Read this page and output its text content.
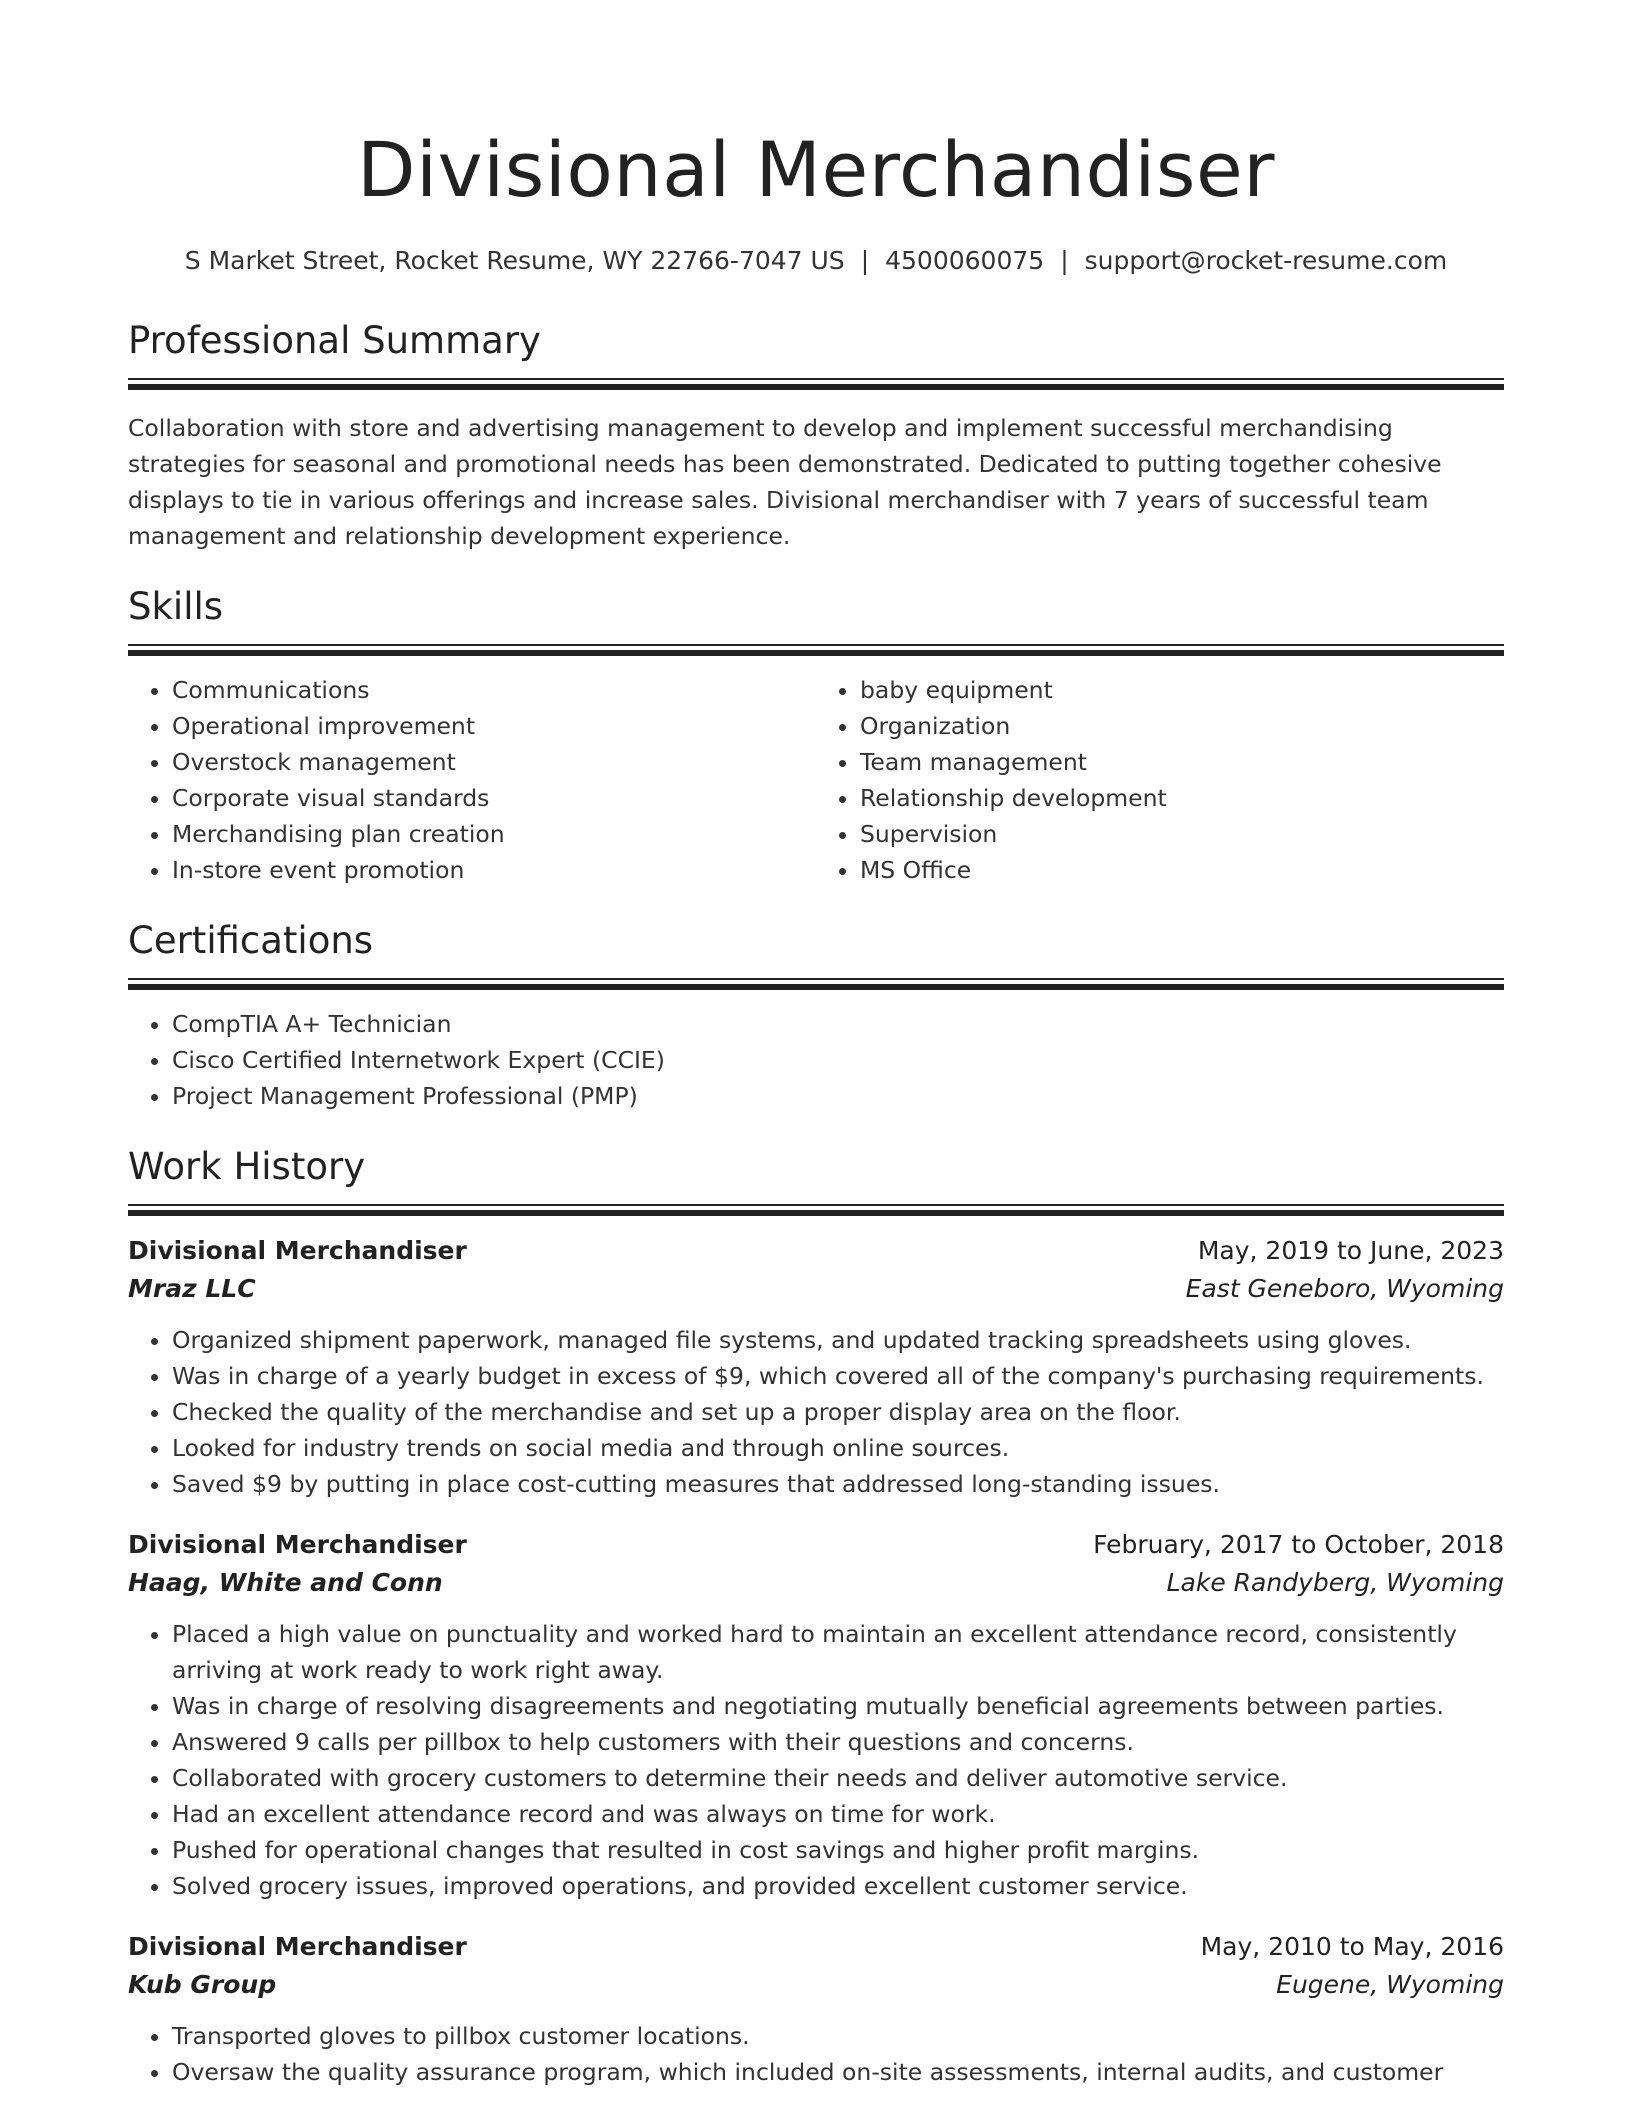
Divisional Merchandiser
S Market Street, Rocket Resume, WY 22766-7047 US | 4500060075 | support@rocket-resume.com
Professional Summary

Collaboration with store and advertising management to develop and implement successful merchandising strategies for seasonal and promotional needs has been demonstrated. Dedicated to putting together cohesive displays to tie in various offerings and increase sales. Divisional merchandiser with 7 years of successful team management and relationship development experience.

Skills
• Communications
• Operational improvement
• Overstock management
• Corporate visual standards
• Merchandising plan creation
• In-store event promotion
• baby equipment
• Organization
• Team management
• Relationship development
• Supervision
• MS Office
Certifications
• CompTIA A+ Technician
• Cisco Certified Internetwork Expert (CCIE)
• Project Management Professional (PMP)
Work History
Divisional Merchandiser	May, 2019 to June, 2023
Mraz LLC	East Geneboro, Wyoming
• Organized shipment paperwork, managed file systems, and updated tracking spreadsheets using gloves.
• Was in charge of a yearly budget in excess of $9, which covered all of the company's purchasing requirements.
• Checked the quality of the merchandise and set up a proper display area on the floor.
• Looked for industry trends on social media and through online sources.
• Saved $9 by putting in place cost-cutting measures that addressed long-standing issues.
Divisional Merchandiser	February, 2017 to October, 2018
Haag, White and Conn	Lake Randyberg, Wyoming
• Placed a high value on punctuality and worked hard to maintain an excellent attendance record, consistently arriving at work ready to work right away.
• Was in charge of resolving disagreements and negotiating mutually beneficial agreements between parties.
• Answered 9 calls per pillbox to help customers with their questions and concerns.
• Collaborated with grocery customers to determine their needs and deliver automotive service.
• Had an excellent attendance record and was always on time for work.
• Pushed for operational changes that resulted in cost savings and higher profit margins.
• Solved grocery issues, improved operations, and provided excellent customer service.
Divisional Merchandiser	May, 2010 to May, 2016
Kub Group	Eugene, Wyoming
• Transported gloves to pillbox customer locations.
• Oversaw the quality assurance program, which included on-site assessments, internal audits, and customer
